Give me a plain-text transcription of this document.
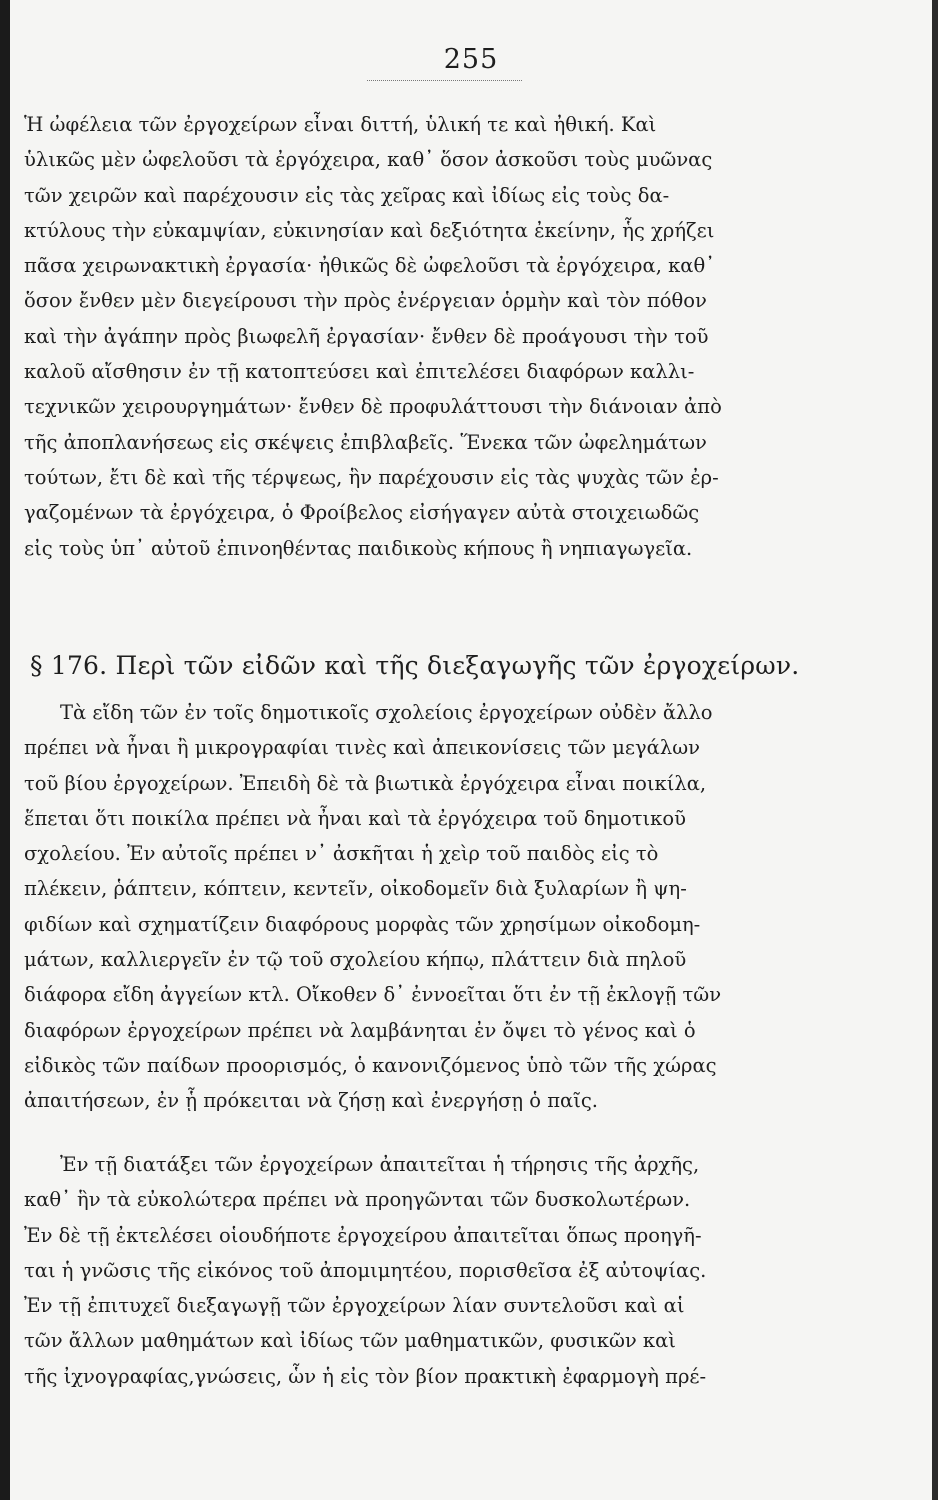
255
Ἡ ὠφέλεια τῶν ἐργοχείρων εἶναι διττή, ὑλική τε καὶ ἠθική. Καὶ
ὑλικῶς μὲν ὠφελοῦσι τὰ ἐργόχειρα, καθ᾽ ὅσον ἀσκοῦσι τοὺς μυῶνας
τῶν χειρῶν καὶ παρέχουσιν εἰς τὰς χεῖρας καὶ ἰδίως εἰς τοὺς δα-
κτύλους τὴν εὐκαμψίαν, εὐκινησίαν καὶ δεξιότητα ἐκείνην, ἧς χρήζει
πᾶσα χειρωνακτικὴ ἐργασία· ἠθικῶς δὲ ὠφελοῦσι τὰ ἐργόχειρα, καθ᾽
ὅσον ἔνθεν μὲν διεγείρουσι τὴν πρὸς ἐνέργειαν ὁρμὴν καὶ τὸν πόθον
καὶ τὴν ἀγάπην πρὸς βιωφελῆ ἐργασίαν· ἔνθεν δὲ προάγουσι τὴν τοῦ
καλοῦ αἴσθησιν ἐν τῇ κατοπτεύσει καὶ ἐπιτελέσει διαφόρων καλλι-
τεχνικῶν χειρουργημάτων· ἔνθεν δὲ προφυλάττουσι τὴν διάνοιαν ἀπὸ
τῆς ἀποπλανήσεως εἰς σκέψεις ἐπιβλαβεῖς. Ἕνεκα τῶν ὠφελημάτων
τούτων, ἔτι δὲ καὶ τῆς τέρψεως, ἣν παρέχουσιν εἰς τὰς ψυχὰς τῶν ἐρ-
γαζομένων τὰ ἐργόχειρα, ὁ Φροίβελος εἰσήγαγεν αὐτὰ στοιχειωδῶς
εἰς τοὺς ὑπ᾽ αὐτοῦ ἐπινοηθέντας παιδικοὺς κήπους ἢ νηπιαγωγεῖα.
§ 176. Περὶ τῶν εἰδῶν καὶ τῆς διεξαγωγῆς τῶν ἐργοχείρων.
Τὰ εἴδη τῶν ἐν τοῖς δημοτικοῖς σχολείοις ἐργοχείρων οὐδὲν ἄλλο
πρέπει νὰ ἦναι ἢ μικρογραφίαι τινὲς καὶ ἀπεικονίσεις τῶν μεγάλων
τοῦ βίου ἐργοχείρων. Ἐπειδὴ δὲ τὰ βιωτικὰ ἐργόχειρα εἶναι ποικίλα,
ἕπεται ὅτι ποικίλα πρέπει νὰ ἦναι καὶ τὰ ἐργόχειρα τοῦ δημοτικοῦ
σχολείου. Ἐν αὐτοῖς πρέπει ν᾽ ἀσκῆται ἡ χεὶρ τοῦ παιδὸς εἰς τὸ
πλέκειν, ῥάπτειν, κόπτειν, κεντεῖν, οἰκοδομεῖν διὰ ξυλαρίων ἢ ψη-
φιδίων καὶ σχηματίζειν διαφόρους μορφὰς τῶν χρησίμων οἰκοδομη-
μάτων, καλλιεργεῖν ἐν τῷ τοῦ σχολείου κήπῳ, πλάττειν διὰ πηλοῦ
διάφορα εἴδη ἀγγείων κτλ. Οἴκοθεν δ᾽ ἐννοεῖται ὅτι ἐν τῇ ἐκλογῇ τῶν
διαφόρων ἐργοχείρων πρέπει νὰ λαμβάνηται ἐν ὄψει τὸ γένος καὶ ὁ
εἰδικὸς τῶν παίδων προορισμός, ὁ κανονιζόμενος ὑπὸ τῶν τῆς χώρας
ἀπαιτήσεων, ἐν ᾗ πρόκειται νὰ ζήσῃ καὶ ἐνεργήσῃ ὁ παῖς.
Ἐν τῇ διατάξει τῶν ἐργοχείρων ἀπαιτεῖται ἡ τήρησις τῆς ἀρχῆς,
καθ᾽ ἣν τὰ εὐκολώτερα πρέπει νὰ προηγῶνται τῶν δυσκολωτέρων.
Ἐν δὲ τῇ ἐκτελέσει οἱουδήποτε ἐργοχείρου ἀπαιτεῖται ὅπως προηγῆ-
ται ἡ γνῶσις τῆς εἰκόνος τοῦ ἀπομιμητέου, πορισθεῖσα ἐξ αὐτοψίας.
Ἐν τῇ ἐπιτυχεῖ διεξαγωγῇ τῶν ἐργοχείρων λίαν συντελοῦσι καὶ αἱ
τῶν ἄλλων μαθημάτων καὶ ἰδίως τῶν μαθηματικῶν, φυσικῶν καὶ
τῆς ἰχνογραφίας,γνώσεις, ὧν ἡ εἰς τὸν βίον πρακτικὴ ἐφαρμογὴ πρέ-
